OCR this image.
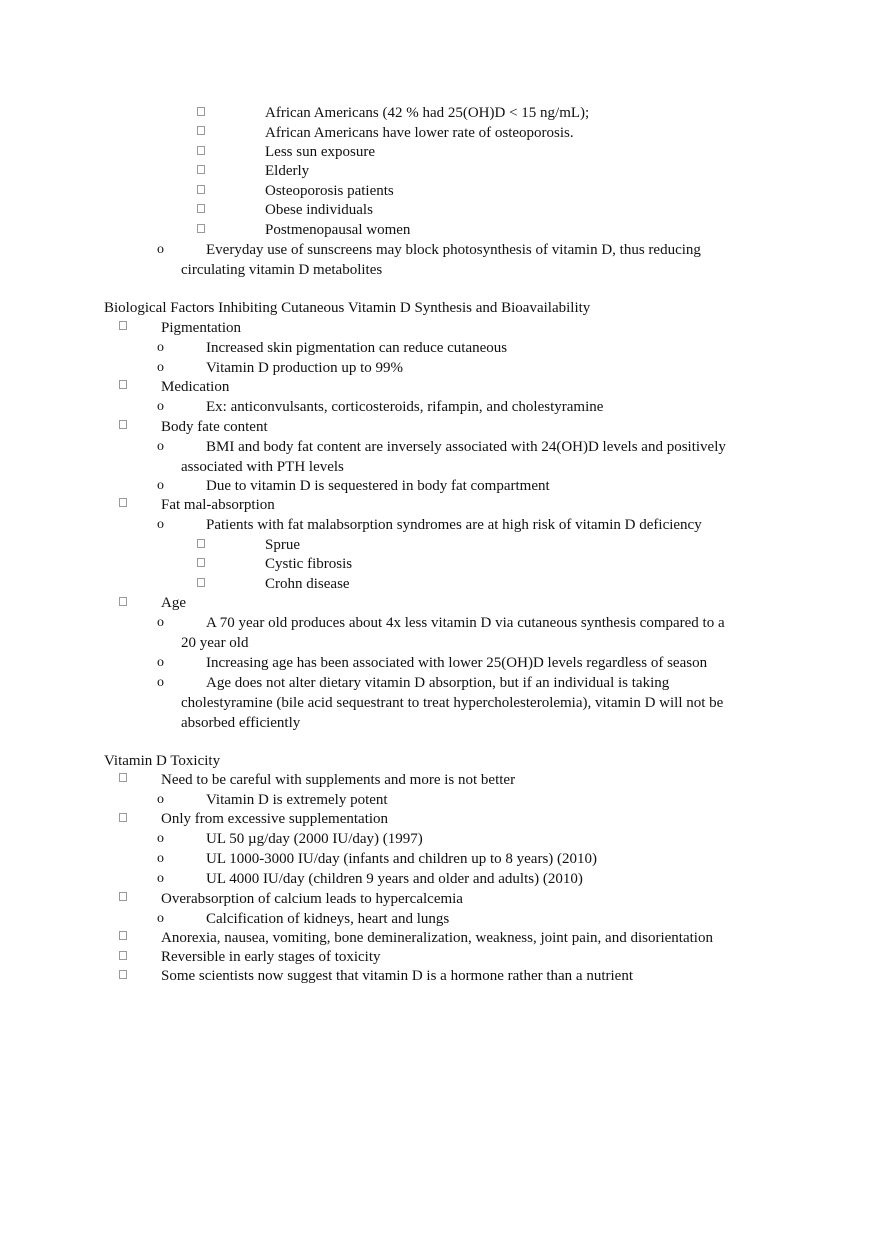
African Americans (42 % had 25(OH)D < 15 ng/mL);
African Americans have lower rate of osteoporosis.
Less sun exposure
Elderly
Osteoporosis patients
Obese individuals
Postmenopausal women
o	Everyday use of sunscreens may block photosynthesis of vitamin D, thus reducing
circulating vitamin D metabolites
Biological Factors Inhibiting Cutaneous Vitamin D Synthesis and Bioavailability
Pigmentation
o	Increased skin pigmentation can reduce cutaneous
o	Vitamin D production up to 99%
Medication
o	Ex: anticonvulsants, corticosteroids, rifampin, and cholestyramine
Body fate content
o	BMI and body fat content are inversely associated with 24(OH)D levels and positively
associated with PTH levels
o	Due to vitamin D is sequestered in body fat compartment
Fat mal-absorption
o	Patients with fat malabsorption syndromes are at high risk of vitamin D deficiency
Sprue
Cystic fibrosis
Crohn disease
Age
o	A 70 year old produces about 4x less vitamin D via cutaneous synthesis compared to a
20 year old
o	Increasing age has been associated with lower 25(OH)D levels regardless of season
o	Age does not alter dietary vitamin D absorption, but if an individual is taking
cholestyramine (bile acid sequestrant to treat hypercholesterolemia), vitamin D will not be
absorbed efficiently
Vitamin D Toxicity
Need to be careful with supplements and more is not better
o	Vitamin D is extremely potent
Only from excessive supplementation
o	UL 50 µg/day (2000 IU/day) (1997)
o	UL 1000-3000 IU/day (infants and children up to 8 years) (2010)
o	UL 4000 IU/day (children 9 years and older and adults) (2010)
Overabsorption of calcium leads to hypercalcemia
o	Calcification of kidneys, heart and lungs
Anorexia, nausea, vomiting, bone demineralization, weakness, joint pain, and disorientation
Reversible in early stages of toxicity
Some scientists now suggest that vitamin D is a hormone rather than a nutrient
